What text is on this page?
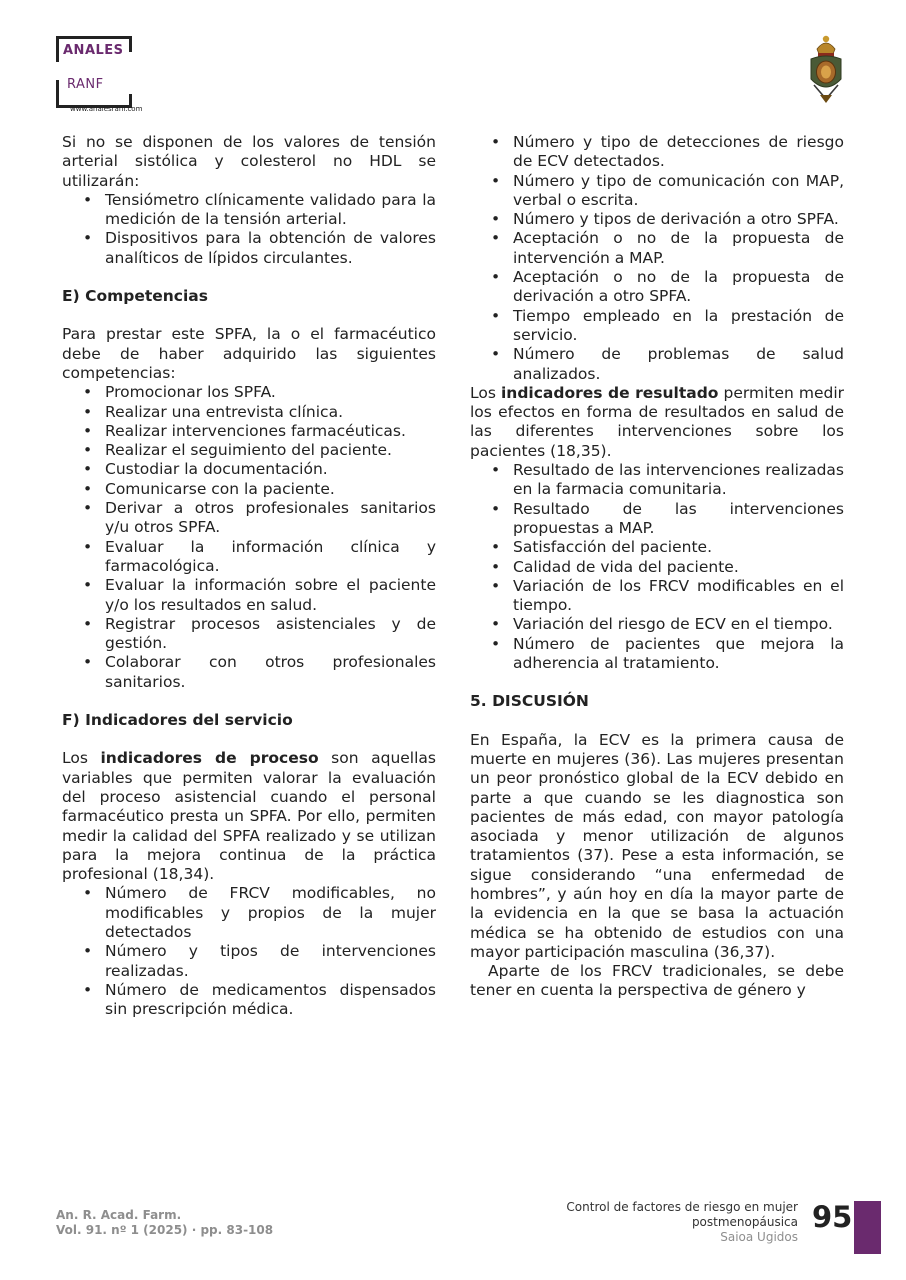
ANALES
RANF
www.analesranf.com

Si no se disponen de los valores de tensión arterial sistólica y colesterol no HDL se utilizarán:

• Tensiómetro clínicamente validado para la medición de la tensión arterial.
• Dispositivos para la obtención de valores analíticos de lípidos circulantes.
E) Competencias

Para prestar este SPFA, la o el farmacéutico debe de haber adquirido las siguientes competencias:

• Promocionar los SPFA.
• Realizar una entrevista clínica.
• Realizar intervenciones farmacéuticas.
• Realizar el seguimiento del paciente.
• Custodiar la documentación.
• Comunicarse con la paciente.
• Derivar a otros profesionales sanitarios y/u otros SPFA.
• Evaluar la información clínica y farmacológica.
• Evaluar la información sobre el paciente y/o los resultados en salud.
• Registrar procesos asistenciales y de gestión.
• Colaborar con otros profesionales sanitarios.
F) Indicadores del servicio

Los indicadores de proceso son aquellas variables que permiten valorar la evaluación del proceso asistencial cuando el personal farmacéutico presta un SPFA. Por ello, permiten medir la calidad del SPFA realizado y se utilizan para la mejora continua de la práctica profesional (18,34).

• Número de FRCV modificables, no modificables y propios de la mujer detectados
• Número y tipos de intervenciones realizadas.
• Número de medicamentos dispensados sin prescripción médica.
• Número y tipo de detecciones de riesgo de ECV detectados.
• Número y tipo de comunicación con MAP, verbal o escrita.
• Número y tipos de derivación a otro SPFA.
• Aceptación o no de la propuesta de intervención a MAP.
• Aceptación o no de la propuesta de derivación a otro SPFA.
• Tiempo empleado en la prestación de servicio.
• Número de problemas de salud analizados.

Los indicadores de resultado permiten medir los efectos en forma de resultados en salud de las diferentes intervenciones sobre los pacientes (18,35).

• Resultado de las intervenciones realizadas en la farmacia comunitaria.
• Resultado de las intervenciones propuestas a MAP.
• Satisfacción del paciente.
• Calidad de vida del paciente.
• Variación de los FRCV modificables en el tiempo.
• Variación del riesgo de ECV en el tiempo.
• Número de pacientes que mejora la adherencia al tratamiento.
5. DISCUSIÓN

En España, la ECV es la primera causa de muerte en mujeres (36). Las mujeres presentan un peor pronóstico global de la ECV debido en parte a que cuando se les diagnostica son pacientes de más edad, con mayor patología asociada y menor utilización de algunos tratamientos (37). Pese a esta información, se sigue considerando “una enfermedad de hombres”, y aún hoy en día la mayor parte de la evidencia en la que se basa la actuación médica se ha obtenido de estudios con una mayor participación masculina (36,37).

Aparte de los FRCV tradicionales, se debe tener en cuenta la perspectiva de género y

An. R. Acad. Farm.
Vol. 91. nº 1 (2025) · pp. 83-108
Control de factores de riesgo en mujer
postmenopáusica
Saioa Ugidos
95
